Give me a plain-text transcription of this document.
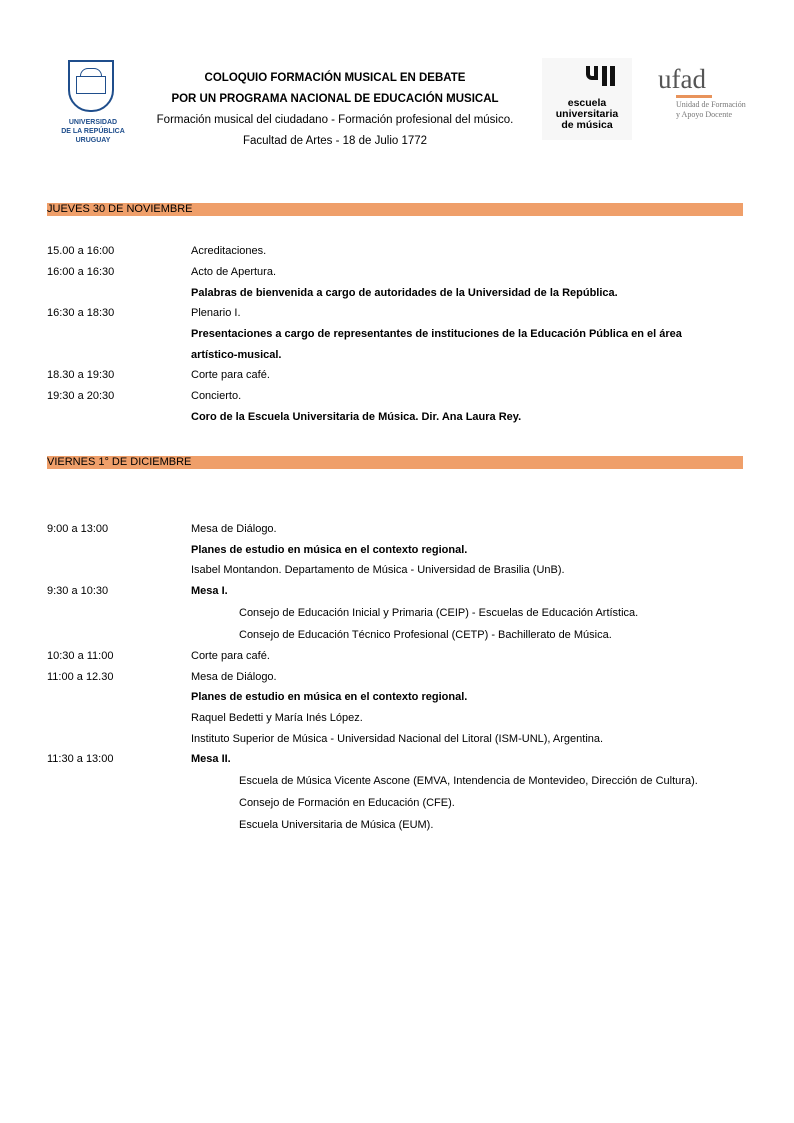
UNIVERSIDAD
DE LA REPÚBLICA
URUGUAY
COLOQUIO FORMACIÓN MUSICAL EN DEBATE
POR UN PROGRAMA NACIONAL DE EDUCACIÓN MUSICAL
Formación musical del ciudadano - Formación profesional del músico.
Facultad de Artes - 18 de Julio 1772
escuela
universitaria
de música
ufad
Unidad de Formación
y Apoyo Docente
JUEVES 30 DE NOVIEMBRE
15.00 a 16:00	Acreditaciones.
16:00 a 16:30	Acto de Apertura.
Palabras de bienvenida a cargo de autoridades de la Universidad de la República.
16:30 a 18:30	Plenario I.
Presentaciones a cargo de representantes de instituciones de la Educación Pública en el área
artístico-musical.
18.30 a 19:30	Corte para café.
19:30 a 20:30	Concierto.
Coro de la Escuela Universitaria de Música. Dir. Ana Laura Rey.
VIERNES 1° DE DICIEMBRE
9:00 a 13:00	Mesa de Diálogo.
Planes de estudio en música en el contexto regional.
Isabel Montandon. Departamento de Música - Universidad de Brasilia (UnB).
9:30 a 10:30	Mesa I.
Consejo de Educación Inicial y Primaria (CEIP) - Escuelas de Educación Artística.
Consejo de Educación Técnico Profesional (CETP) - Bachillerato de Música.
10:30 a 11:00	Corte para café.
11:00 a 12.30	Mesa de Diálogo.
Planes de estudio en música en el contexto regional.
Raquel Bedetti y María Inés López.
Instituto Superior de Música - Universidad Nacional del Litoral (ISM-UNL), Argentina.
11:30 a 13:00	Mesa II.
Escuela de Música Vicente Ascone (EMVA, Intendencia de Montevideo, Dirección de Cultura).
Consejo de Formación en Educación (CFE).
Escuela Universitaria de Música (EUM).
